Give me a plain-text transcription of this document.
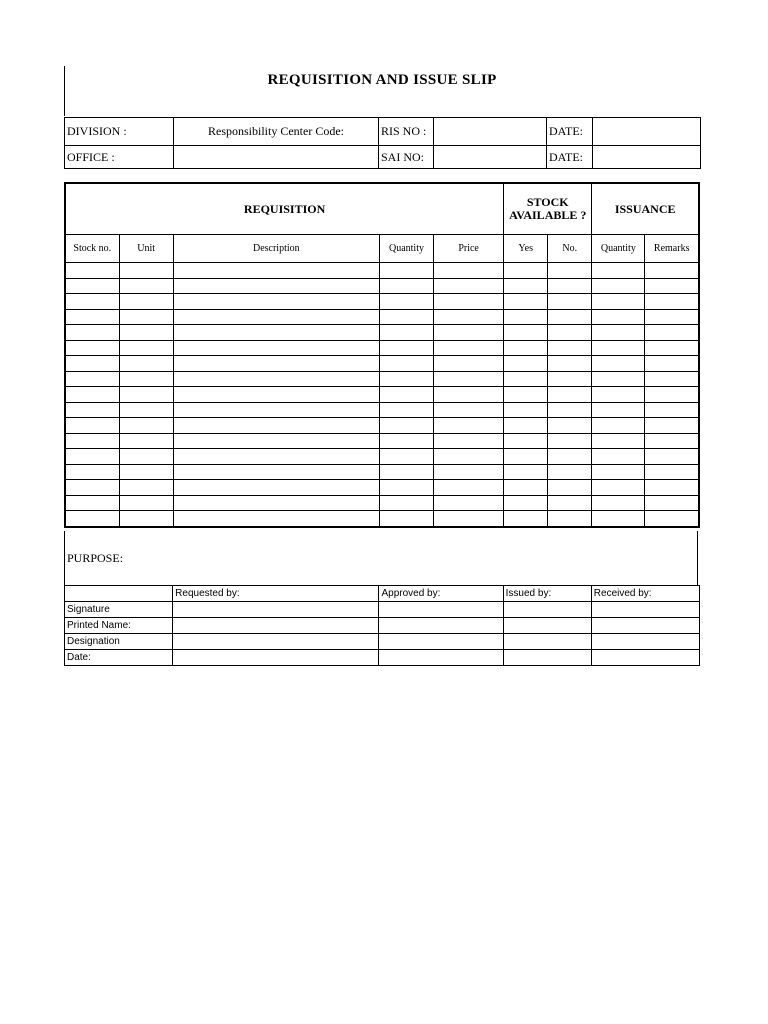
REQUISITION AND ISSUE SLIP
DIVISION :	Responsibility Center Code:	RIS NO :		DATE:	
OFFICE :		SAI NO:		DATE:	
REQUISITION					STOCK AVAILABLE ?		ISSUANCE	
Stock no.	Unit	Description	Quantity	Price	Yes	No.	Quantity	Remarks

PURPOSE:
	Requested by:	Approved by:	Issued by:	Received by:
Signature				
Printed Name:				
Designation				
Date:				
